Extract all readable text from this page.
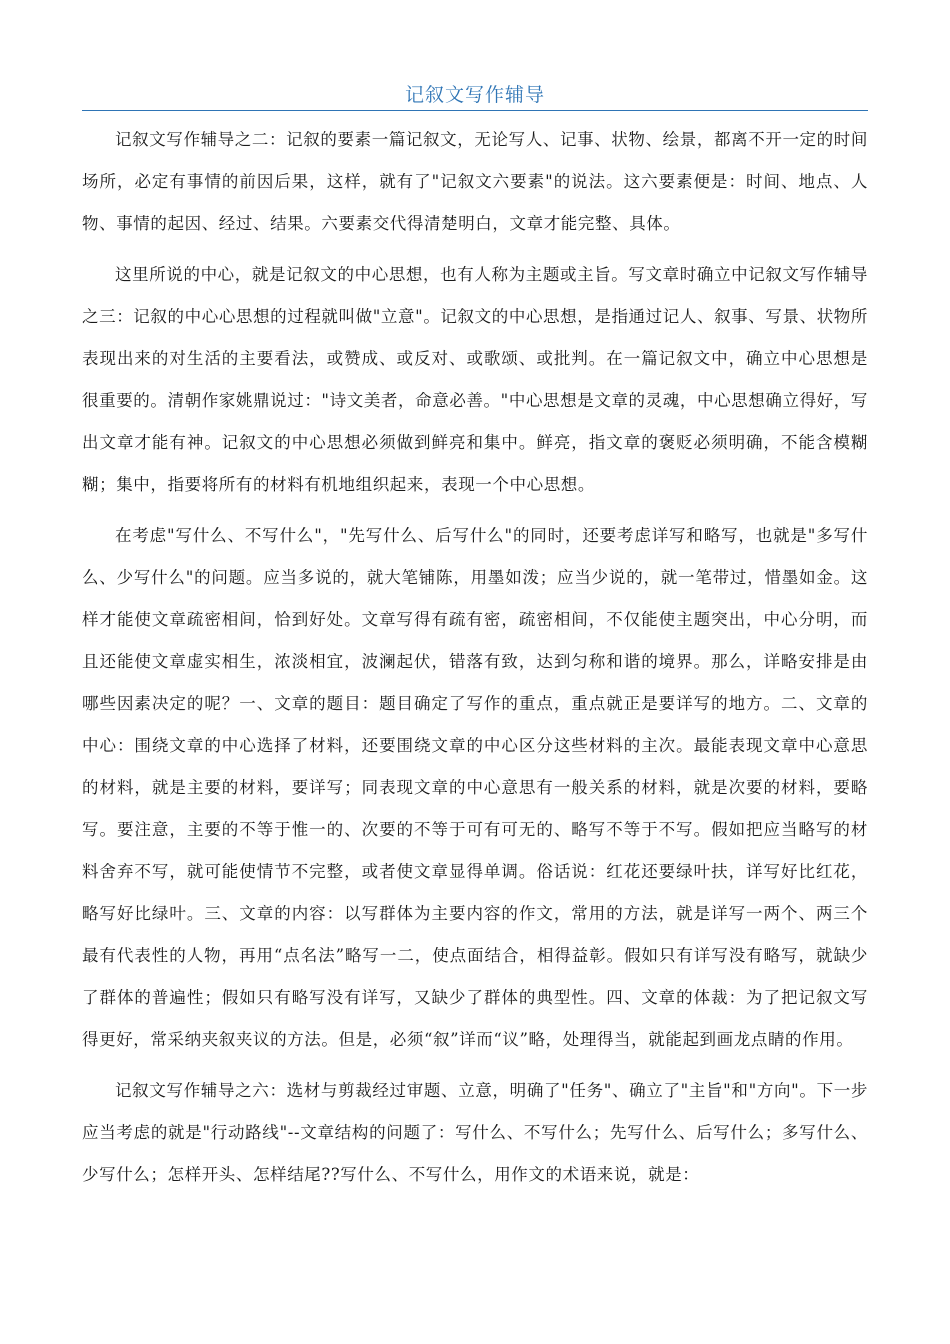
记叙文写作辅导

记叙文写作辅导之二：记叙的要素一篇记叙文，无论写人、记事、状物、绘景，都离不开一定的时间场所，必定有事情的前因后果，这样，就有了"记叙文六要素"的说法。这六要素便是：时间、地点、人物、事情的起因、经过、结果。六要素交代得清楚明白，文章才能完整、具体。

这里所说的中心，就是记叙文的中心思想，也有人称为主题或主旨。写文章时确立中记叙文写作辅导之三：记叙的中心心思想的过程就叫做"立意"。记叙文的中心思想，是指通过记人、叙事、写景、状物所表现出来的对生活的主要看法，或赞成、或反对、或歌颂、或批判。在一篇记叙文中，确立中心思想是很重要的。清朝作家姚鼎说过："诗文美者，命意必善。"中心思想是文章的灵魂，中心思想确立得好，写出文章才能有神。记叙文的中心思想必须做到鲜亮和集中。鲜亮，指文章的褒贬必须明确，不能含模糊糊；集中，指要将所有的材料有机地组织起来，表现一个中心思想。

在考虑"写什么、不写什么"，"先写什么、后写什么"的同时，还要考虑详写和略写，也就是"多写什么、少写什么"的问题。应当多说的，就大笔铺陈，用墨如泼；应当少说的，就一笔带过，惜墨如金。这样才能使文章疏密相间，恰到好处。文章写得有疏有密，疏密相间，不仅能使主题突出，中心分明，而且还能使文章虚实相生，浓淡相宜，波澜起伏，错落有致，达到匀称和谐的境界。那么，详略安排是由哪些因素决定的呢？一、文章的题目：题目确定了写作的重点，重点就正是要详写的地方。二、文章的中心：围绕文章的中心选择了材料，还要围绕文章的中心区分这些材料的主次。最能表现文章中心意思的材料，就是主要的材料，要详写；同表现文章的中心意思有一般关系的材料，就是次要的材料，要略写。要注意，主要的不等于惟一的、次要的不等于可有可无的、略写不等于不写。假如把应当略写的材料舍弃不写，就可能使情节不完整，或者使文章显得单调。俗话说：红花还要绿叶扶，详写好比红花，略写好比绿叶。三、文章的内容：以写群体为主要内容的作文，常用的方法，就是详写一两个、两三个最有代表性的人物，再用“点名法”略写一二，使点面结合，相得益彰。假如只有详写没有略写，就缺少了群体的普遍性；假如只有略写没有详写，又缺少了群体的典型性。四、文章的体裁：为了把记叙文写得更好，常采纳夹叙夹议的方法。但是，必须“叙”详而“议”略，处理得当，就能起到画龙点睛的作用。

记叙文写作辅导之六：选材与剪裁经过审题、立意，明确了"任务"、确立了"主旨"和"方向"。下一步应当考虑的就是"行动路线"--文章结构的问题了：写什么、不写什么；先写什么、后写什么；多写什么、少写什么；怎样开头、怎样结尾??写什么、不写什么，用作文的术语来说，就是：
